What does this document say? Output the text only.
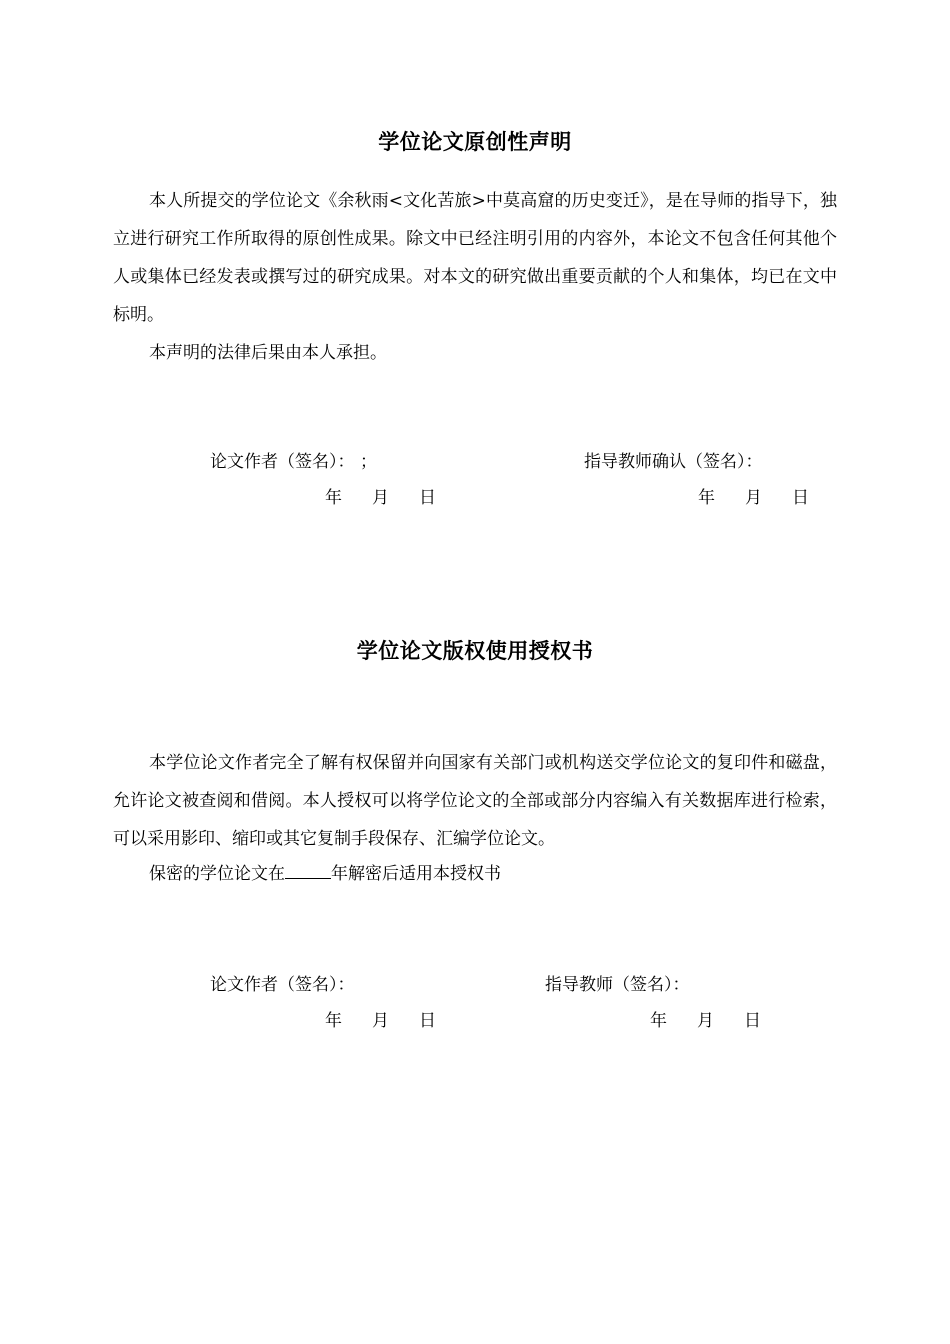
学位论文原创性声明

本人所提交的学位论文《余秋雨<文化苦旅>中莫高窟的历史变迁》，是在导师的指导下，独立进行研究工作所取得的原创性成果。除文中已经注明引用的内容外，本论文不包含任何其他个人或集体已经发表或撰写过的研究成果。对本文的研究做出重要贡献的个人和集体，均已在文中标明。

本声明的法律后果由本人承担。

论文作者（签名）： ；	指导教师确认（签名）：
年 月 日	年 月 日
学位论文版权使用授权书

本学位论文作者完全了解有权保留并向国家有关部门或机构送交学位论文的复印件和磁盘，允许论文被查阅和借阅。本人授权可以将学位论文的全部或部分内容编入有关数据库进行检索，可以采用影印、缩印或其它复制手段保存、汇编学位论文。

保密的学位论文在	年解密后适用本授权书

论文作者（签名）：	指导教师（签名）：
年 月 日	年 月 日
